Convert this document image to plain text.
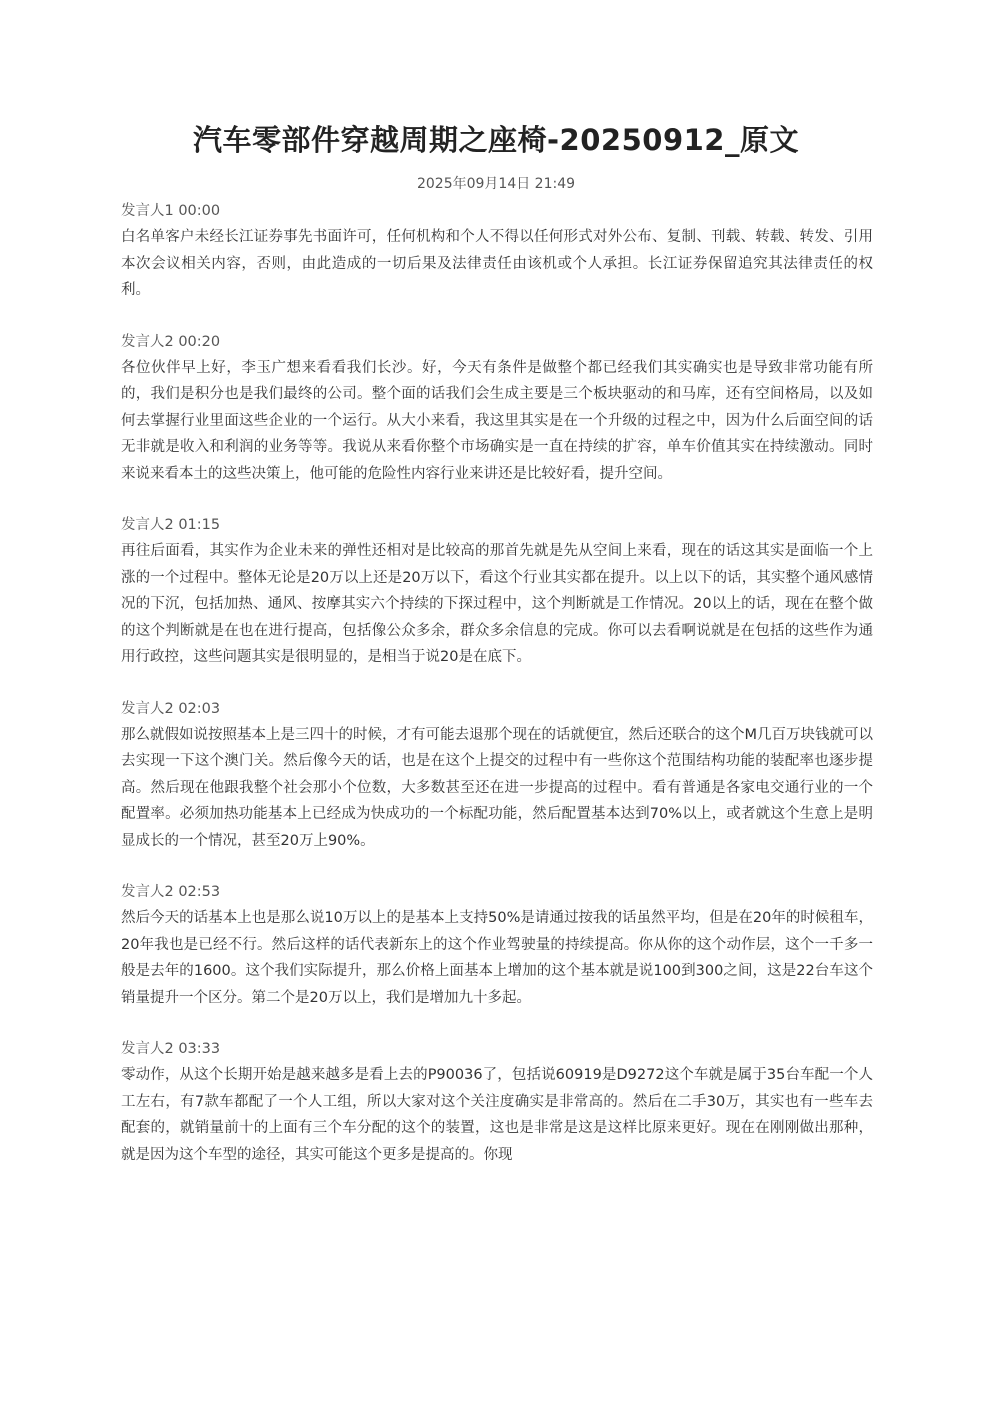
汽车零部件穿越周期之座椅-20250912_原文
2025年09月14日 21:49
发言人1 00:00

白名单客户未经长江证券事先书面许可，任何机构和个人不得以任何形式对外公布、复制、刊载、转载、转发、引用本次会议相关内容，否则，由此造成的一切后果及法律责任由该机或个人承担。长江证券保留追究其法律责任的权利。

发言人2 00:20

各位伙伴早上好，李玉广想来看看我们长沙。好，今天有条件是做整个都已经我们其实确实也是导致非常功能有所的，我们是积分也是我们最终的公司。整个面的话我们会生成主要是三个板块驱动的和马库，还有空间格局，以及如何去掌握行业里面这些企业的一个运行。从大小来看，我这里其实是在一个升级的过程之中，因为什么后面空间的话无非就是收入和利润的业务等等。我说从来看你整个市场确实是一直在持续的扩容，单车价值其实在持续激动。同时来说来看本土的这些决策上，他可能的危险性内容行业来讲还是比较好看，提升空间。

发言人2 01:15

再往后面看，其实作为企业未来的弹性还相对是比较高的那首先就是先从空间上来看，现在的话这其实是面临一个上涨的一个过程中。整体无论是20万以上还是20万以下，看这个行业其实都在提升。以上以下的话，其实整个通风感情况的下沉，包括加热、通风、按摩其实六个持续的下探过程中，这个判断就是工作情况。20以上的话，现在在整个做的这个判断就是在也在进行提高，包括像公众多余，群众多余信息的完成。你可以去看啊说就是在包括的这些作为通用行政控，这些问题其实是很明显的，是相当于说20是在底下。

发言人2 02:03

那么就假如说按照基本上是三四十的时候，才有可能去退那个现在的话就便宜，然后还联合的这个M几百万块钱就可以去实现一下这个澳门关。然后像今天的话，也是在这个上提交的过程中有一些你这个范围结构功能的装配率也逐步提高。然后现在他跟我整个社会那小个位数，大多数甚至还在进一步提高的过程中。看有普通是各家电交通行业的一个配置率。必须加热功能基本上已经成为快成功的一个标配功能，然后配置基本达到70%以上，或者就这个生意上是明显成长的一个情况，甚至20万上90%。

发言人2 02:53

然后今天的话基本上也是那么说10万以上的是基本上支持50%是请通过按我的话虽然平均，但是在20年的时候租车，20年我也是已经不行。然后这样的话代表新东上的这个作业驾驶量的持续提高。你从你的这个动作层，这个一千多一般是去年的1600。这个我们实际提升，那么价格上面基本上增加的这个基本就是说100到300之间，这是22台车这个销量提升一个区分。第二个是20万以上，我们是增加九十多起。

发言人2 03:33

零动作，从这个长期开始是越来越多是看上去的P90036了，包括说60919是D9272这个车就是属于35台车配一个人工左右，有7款车都配了一个人工组，所以大家对这个关注度确实是非常高的。然后在二手30万，其实也有一些车去配套的，就销量前十的上面有三个车分配的这个的装置，这也是非常是这是这样比原来更好。现在在刚刚做出那种，就是因为这个车型的途径，其实可能这个更多是提高的。你现
